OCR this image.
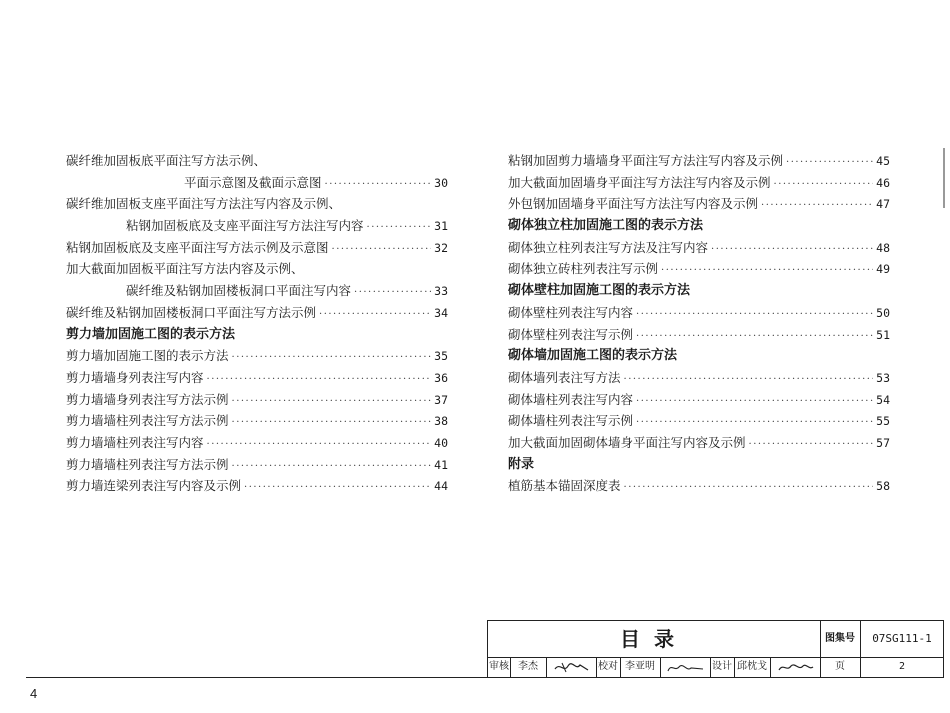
碳纤维加固板底平面注写方法示例、
平面示意图及截面示意图 ·····	30
碳纤维加固板支座平面注写方法注写内容及示例、
粘钢加固板底及支座平面注写方法注写内容 ·····	31
粘钢加固板底及支座平面注写方法示例及示意图 ·····	32
加大截面加固板平面注写方法内容及示例、
碳纤维及粘钢加固楼板洞口平面注写内容 ·····	33
碳纤维及粘钢加固楼板洞口平面注写方法示例 ·····	34
剪力墙加固施工图的表示方法
剪力墙加固施工图的表示方法 ·····	35
剪力墙墙身列表注写内容 ·····	36
剪力墙墙身列表注写方法示例 ·····	37
剪力墙墙柱列表注写方法示例 ·····	38
剪力墙墙柱列表注写内容 ·····	40
剪力墙墙柱列表注写方法示例 ·····	41
剪力墙连梁列表注写内容及示例 ·····	44
粘钢加固剪力墙墙身平面注写方法注写内容及示例 ·····	45
加大截面加固墙身平面注写方法注写内容及示例 ·····	46
外包钢加固墙身平面注写方法注写内容及示例 ·····	47
砌体独立柱加固施工图的表示方法
砌体独立柱列表注写方法及注写内容 ·····	48
砌体独立砖柱列表注写示例 ·····	49
砌体壁柱加固施工图的表示方法
砌体壁柱列表注写内容 ·····	50
砌体壁柱列表注写示例 ·····	51
砌体墙加固施工图的表示方法
砌体墙列表注写方法 ·····	53
砌体墙柱列表注写内容 ·····	54
砌体墙柱列表注写示例 ·····	55
加大截面加固砌体墙身平面注写内容及示例 ·····	57
附录
植筋基本锚固深度表 ·····	58
目录	图集号	07SG111-1
审核 李杰	校对 李亚明	设计 邱枕戈	页	2
4
